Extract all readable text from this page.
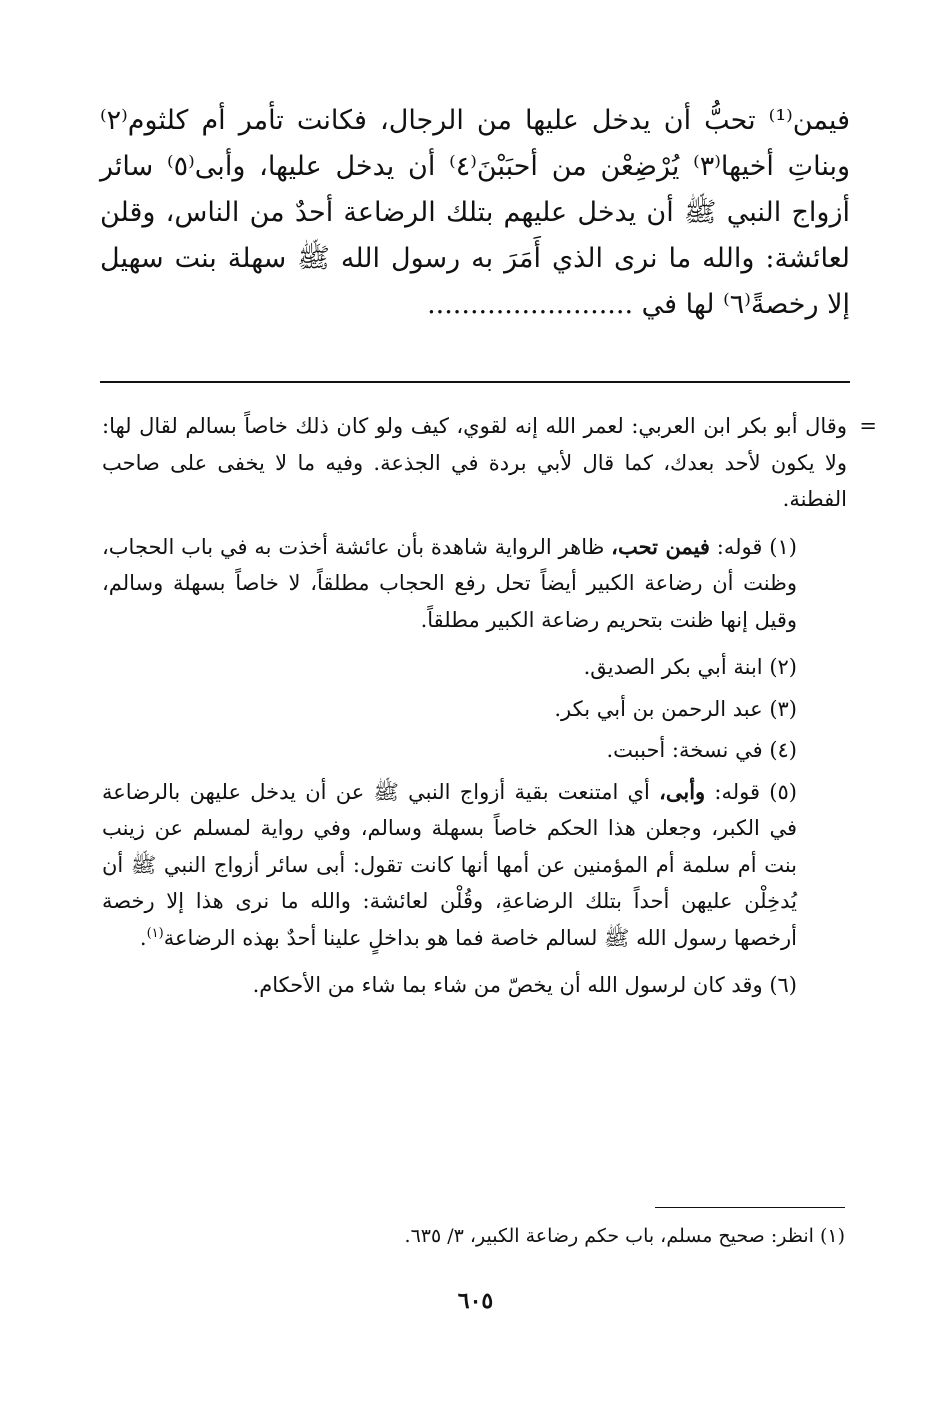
فيمن⁽¹⁾ تحبُّ أن يدخل عليها من الرجال، فكانت تأمر أم كلثوم⁽٢⁾ وبناتِ أخيها⁽٣⁾ يُرْضِعْن من أحبَبْنَ⁽٤⁾ أن يدخل عليها، وأبى⁽٥⁾ سائر أزواج النبي ﷺ أن يدخل عليهم بتلك الرضاعة أحدٌ من الناس، وقلن لعائشة: والله ما نرى الذي أَمَرَ به رسول الله ﷺ سهلة بنت سهيل إلا رخصةً⁽٦⁾ لها في ........................

=
وقال أبو بكر ابن العربي: لعمر الله إنه لقوي، كيف ولو كان ذلك خاصاً بسالم لقال لها: ولا يكون لأحد بعدك، كما قال لأبي بردة في الجذعة. وفيه ما لا يخفى على صاحب الفطنة.

(١) قوله: فيمن تحب، ظاهر الرواية شاهدة بأن عائشة أخذت به في باب الحجاب، وظنت أن رضاعة الكبير أيضاً تحل رفع الحجاب مطلقاً، لا خاصاً بسهلة وسالم، وقيل إنها ظنت بتحريم رضاعة الكبير مطلقاً.

(٢) ابنة أبي بكر الصديق.

(٣) عبد الرحمن بن أبي بكر.

(٤) في نسخة: أحببت.

(٥) قوله: وأبى، أي امتنعت بقية أزواج النبي ﷺ عن أن يدخل عليهن بالرضاعة في الكبر، وجعلن هذا الحكم خاصاً بسهلة وسالم، وفي رواية لمسلم عن زينب بنت أم سلمة أم المؤمنين عن أمها أنها كانت تقول: أبى سائر أزواج النبي ﷺ أن يُدخِلْن عليهن أحداً بتلك الرضاعةِ، وقُلْن لعائشة: والله ما نرى هذا إلا رخصة أرخصها رسول الله ﷺ لسالم خاصة فما هو بداخلٍ علينا أحدٌ بهذه الرضاعة$^{(١)}$.

(٦) وقد كان لرسول الله أن يخصّ من شاء بما شاء من الأحكام.

(١) انظر: صحيح مسلم، باب حكم رضاعة الكبير، ٣/ ٦٣٥.
٦٠٥
